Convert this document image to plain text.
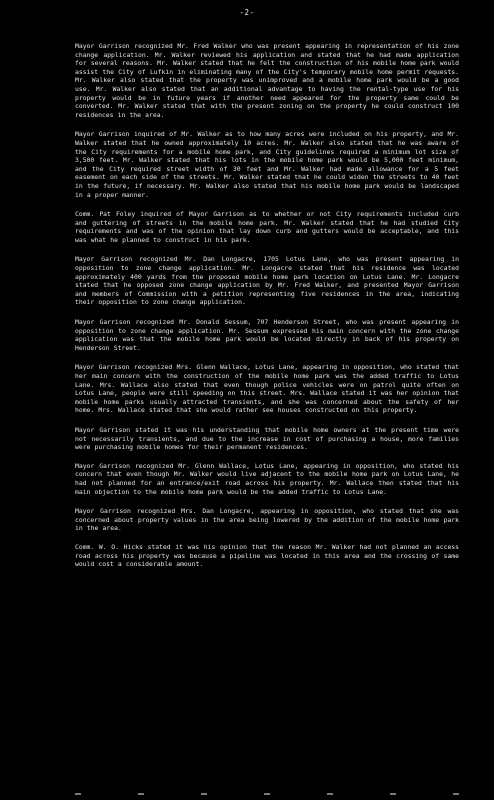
-2-

Mayor Garrison recognized Mr. Fred Walker who was present appearing in representation of his zone change application. Mr. Walker reviewed his application and stated that he had made application for several reasons. Mr. Walker stated that he felt the construction of his mobile home park would assist the City of Lufkin in eliminating many of the City's temporary mobile home permit requests. Mr. Walker also stated that the property was unimproved and a mobile home park would be a good use. Mr. Walker also stated that an additional advantage to having the rental-type use for his property would be in future years if another need appeared for the property same could be converted. Mr. Walker stated that with the present zoning on the property he could construct 100 residences in the area.

Mayor Garrison inquired of Mr. Walker as to how many acres were included on his property, and Mr. Walker stated that he owned approximately 10 acres. Mr. Walker also stated that he was aware of the City requirements for a mobile home park, and City guidelines required a minimum lot size of 3,500 feet. Mr. Walker stated that his lots in the mobile home park would be 5,000 feet minimum, and the City required street width of 30 feet and Mr. Walker had made allowance for a 5 feet easement on each side of the streets. Mr. Walker stated that he could widen the streets to 40 feet in the future, if necessary. Mr. Walker also stated that his mobile home park would be landscaped in a proper manner.

Comm. Pat Foley inquired of Mayor Garrison as to whether or not City requirements included curb and guttering of streets in the mobile home park. Mr. Walker stated that he had studied City requirements and was of the opinion that lay down curb and gutters would be acceptable, and this was what he planned to construct in his park.

Mayor Garrison recognized Mr. Dan Longacre, 1705 Lotus Lane, who was present appearing in opposition to zone change application. Mr. Longacre stated that his residence was located approximately 400 yards from the proposed mobile home park location on Lotus Lane. Mr. Longacre stated that he opposed zone change application by Mr. Fred Walker, and presented Mayor Garrison and members of Commission with a petition representing five residences in the area, indicating their opposition to zone change application.

Mayor Garrison recognized Mr. Donald Sessum, 707 Henderson Street, who was present appearing in opposition to zone change application. Mr. Sessum expressed his main concern with the zone change application was that the mobile home park would be located directly in back of his property on Henderson Street.

Mayor Garrison recognized Mrs. Glenn Wallace, Lotus Lane, appearing in opposition, who stated that her main concern with the construction of the mobile home park was the added traffic to Lotus Lane. Mrs. Wallace also stated that even though police vehicles were on patrol quite often on Lotus Lane, people were still speeding on this street. Mrs. Wallace stated it was her opinion that mobile home parks usually attracted transients, and she was concerned about the safety of her home. Mrs. Wallace stated that she would rather see houses constructed on this property.

Mayor Garrison stated it was his understanding that mobile home owners at the present time were not necessarily transients, and due to the increase in cost of purchasing a house, more families were purchasing mobile homes for their permanent residences.

Mayor Garrison recognized Mr. Glenn Wallace, Lotus Lane, appearing in opposition, who stated his concern that even though Mr. Walker would live adjacent to the mobile home park on Lotus Lane, he had not planned for an entrance/exit road across his property. Mr. Wallace then stated that his main objection to the mobile home park would be the added traffic to Lotus Lane.

Mayor Garrison recognized Mrs. Dan Longacre, appearing in opposition, who stated that she was concerned about property values in the area being lowered by the addition of the mobile home park in the area.

Comm. W. O. Hicks stated it was his opinion that the reason Mr. Walker had not planned an access road across his property was because a pipeline was located in this area and the crossing of same would cost a considerable amount.
